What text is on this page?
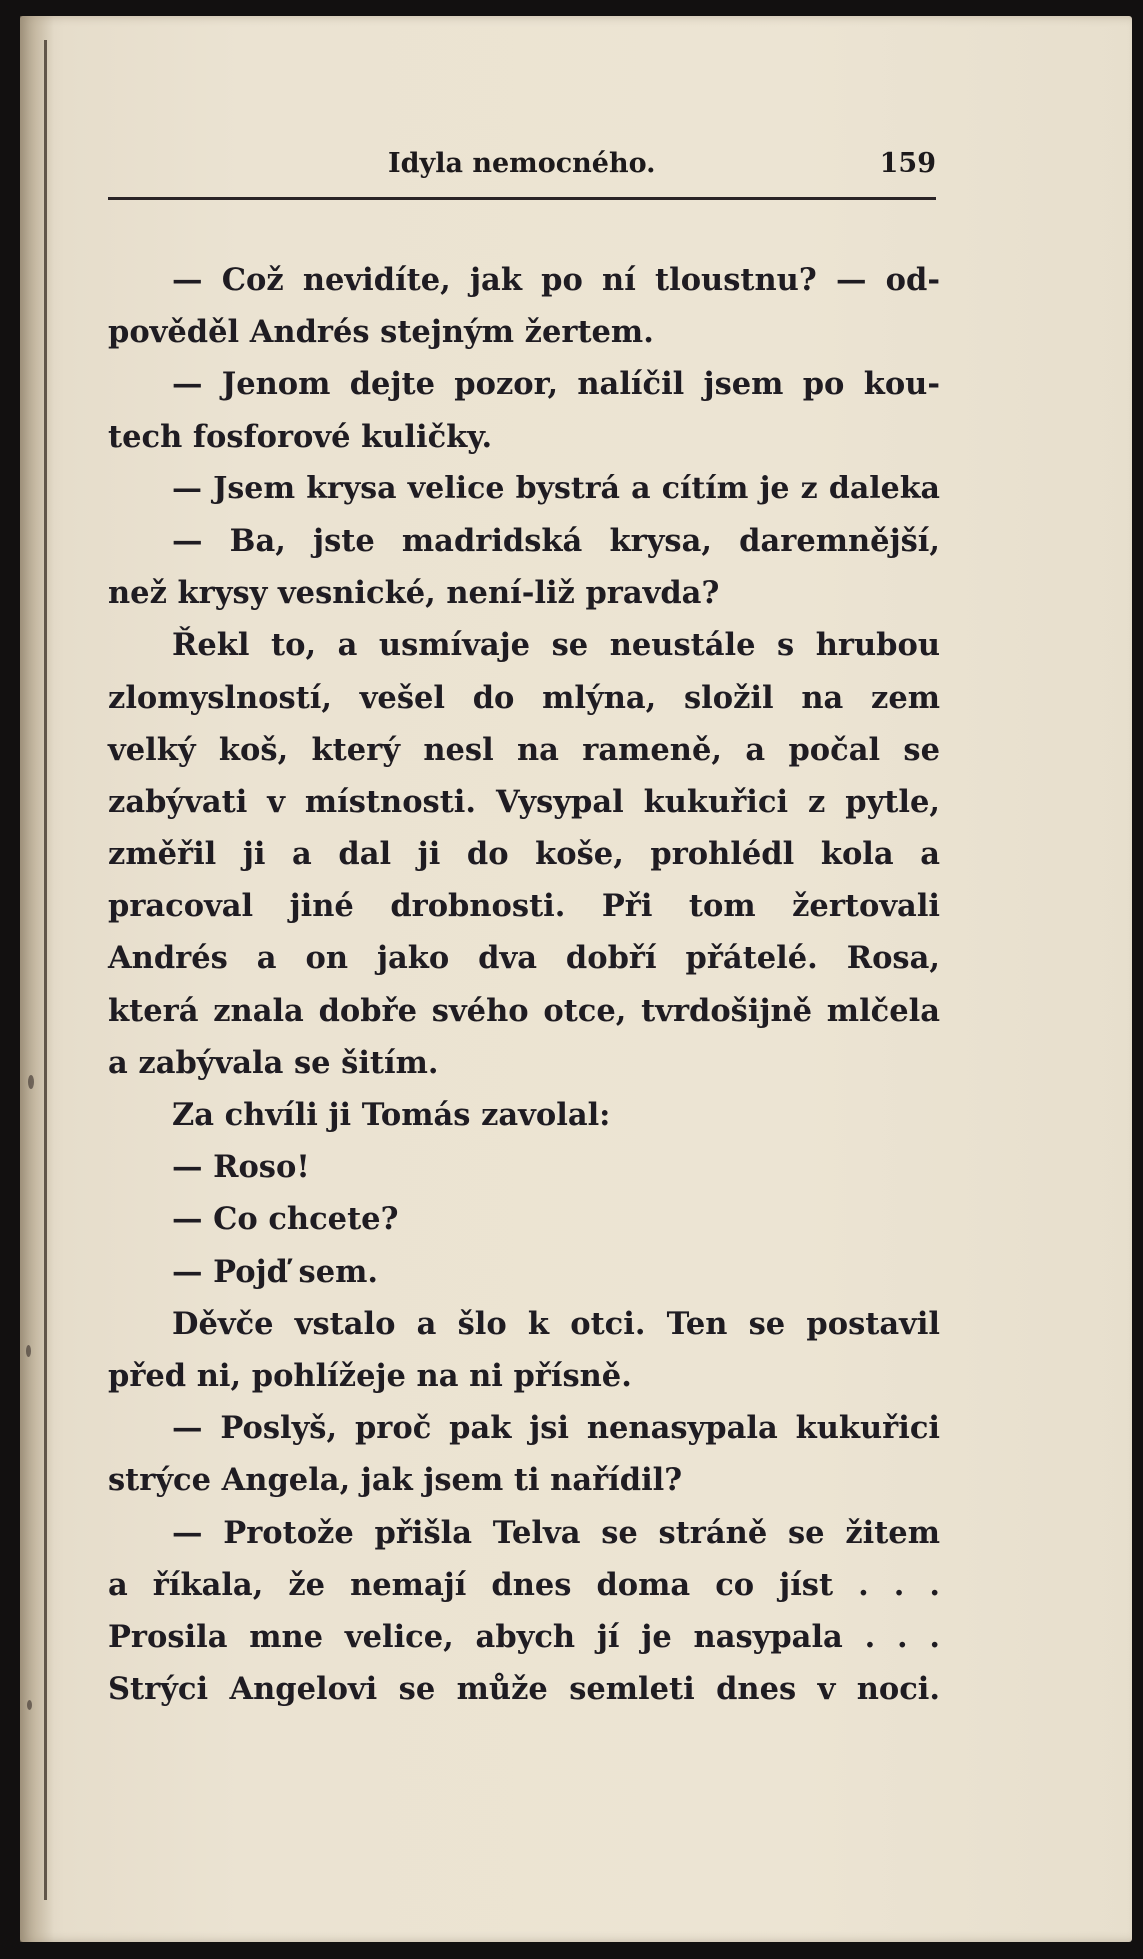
Idyla nemocného.	159
— Což nevidíte, jak po ní tloustnu? — od-
pověděl Andrés stejným žertem.
— Jenom dejte pozor, nalíčil jsem po kou-
tech fosforové kuličky.
— Jsem krysa velice bystrá a cítím je z daleka
— Ba, jste madridská krysa, daremnější,
než krysy vesnické, není-liž pravda?
Řekl to, a usmívaje se neustále s hrubou
zlomyslností, vešel do mlýna, složil na zem
velký koš, který nesl na rameně, a počal se
zabývati v místnosti. Vysypal kukuřici z pytle,
změřil ji a dal ji do koše, prohlédl kola a
pracoval jiné drobnosti. Při tom žertovali
Andrés a on jako dva dobří přátelé. Rosa,
která znala dobře svého otce, tvrdošijně mlčela
a zabývala se šitím.
Za chvíli ji Tomás zavolal:
— Roso!
— Co chcete?
— Pojď sem.
Děvče vstalo a šlo k otci. Ten se postavil
před ni, pohlížeje na ni přísně.
— Poslyš, proč pak jsi nenasypala kukuřici
strýce Angela, jak jsem ti nařídil?
— Protože přišla Telva se stráně se žitem
a říkala, že nemají dnes doma co jíst . . .
Prosila mne velice, abych jí je nasypala . . .
Strýci Angelovi se může semleti dnes v noci.
